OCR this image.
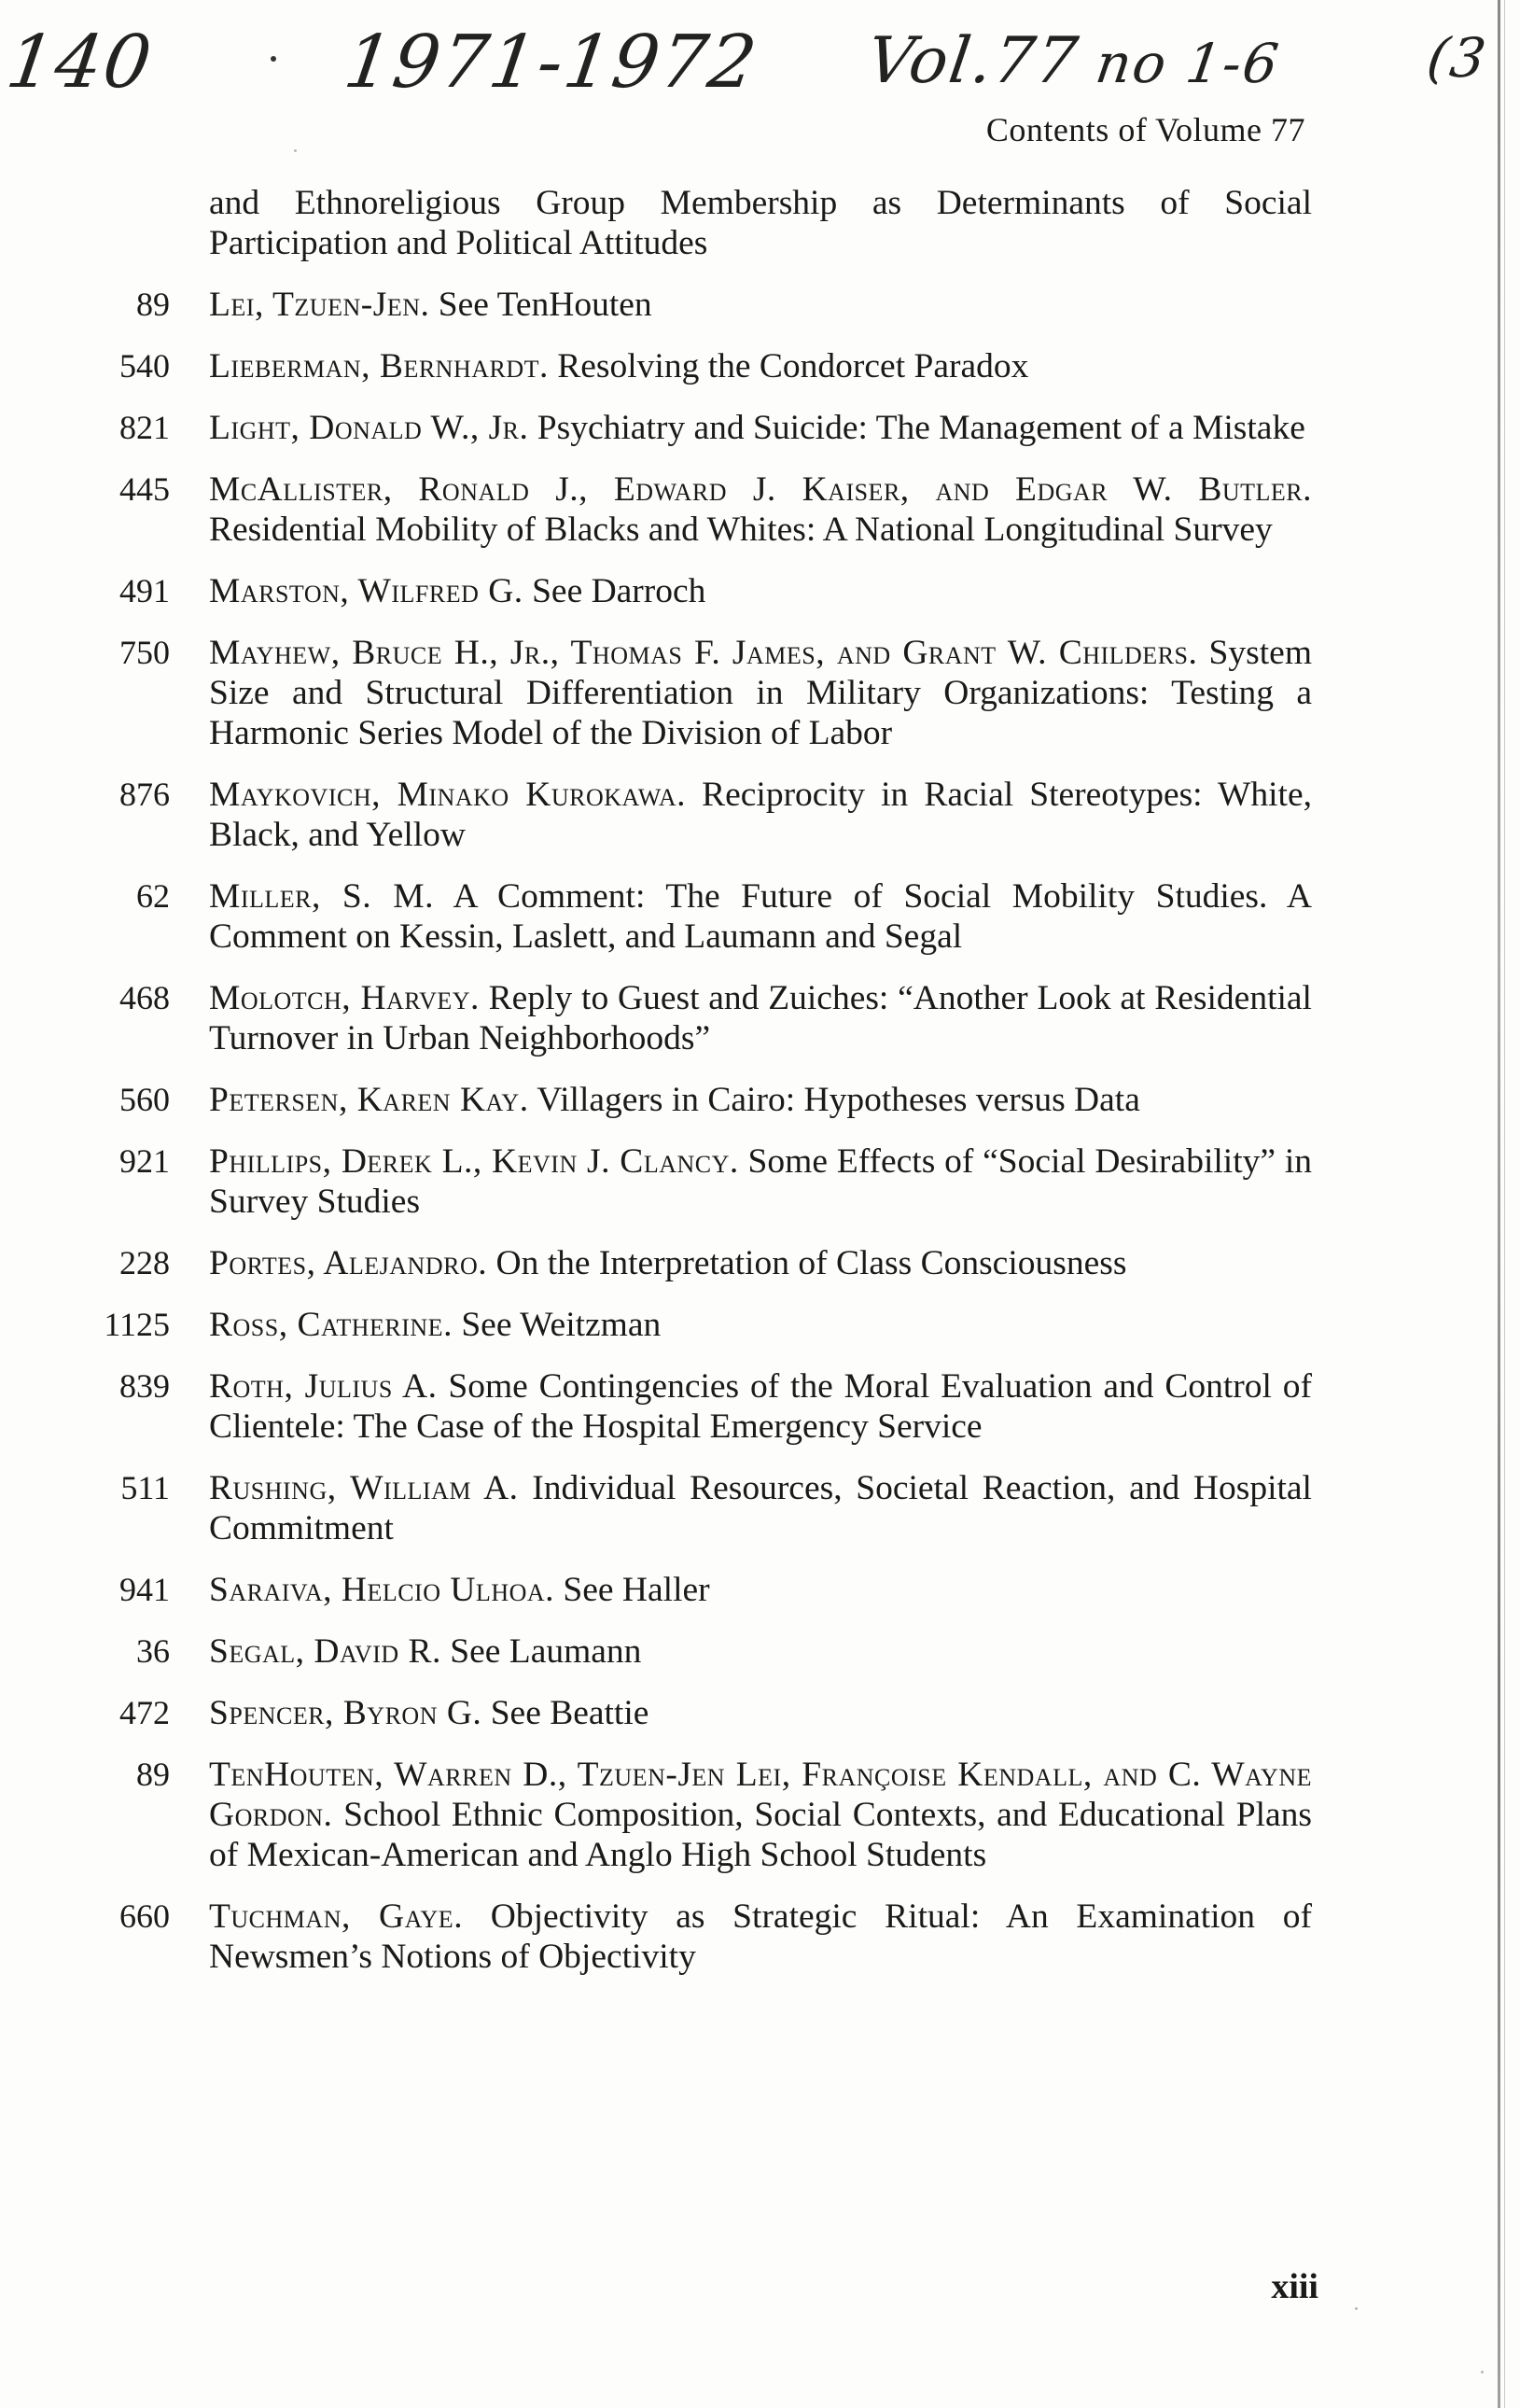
140 1971-1972 Vol.77 no 1-6	(3
Contents of Volume 77
and Ethnoreligious Group Membership as Determinants of Social Participation and Political Attitudes
89 Lei, Tzuen-Jen. See TenHouten
540 Lieberman, Bernhardt. Resolving the Condorcet Paradox
821 Light, Donald W., Jr. Psychiatry and Suicide: The Management of a Mistake
445 McAllister, Ronald J., Edward J. Kaiser, and Edgar W. Butler. Residential Mobility of Blacks and Whites: A National Longitudinal Survey
491 Marston, Wilfred G. See Darroch
750 Mayhew, Bruce H., Jr., Thomas F. James, and Grant W. Childers. System Size and Structural Differentiation in Military Organizations: Testing a Harmonic Series Model of the Division of Labor
876 Maykovich, Minako Kurokawa. Reciprocity in Racial Stereotypes: White, Black, and Yellow
62 Miller, S. M. A Comment: The Future of Social Mobility Studies. A Comment on Kessin, Laslett, and Laumann and Segal
468 Molotch, Harvey. Reply to Guest and Zuiches: “Another Look at Residential Turnover in Urban Neighborhoods”
560 Petersen, Karen Kay. Villagers in Cairo: Hypotheses versus Data
921 Phillips, Derek L., Kevin J. Clancy. Some Effects of “Social Desirability” in Survey Studies
228 Portes, Alejandro. On the Interpretation of Class Consciousness
1125 Ross, Catherine. See Weitzman
839 Roth, Julius A. Some Contingencies of the Moral Evaluation and Control of Clientele: The Case of the Hospital Emergency Service
511 Rushing, William A. Individual Resources, Societal Reaction, and Hospital Commitment
941 Saraiva, Helcio Ulhoa. See Haller
36 Segal, David R. See Laumann
472 Spencer, Byron G. See Beattie
89 TenHouten, Warren D., Tzuen-Jen Lei, Françoise Kendall, and C. Wayne Gordon. School Ethnic Composition, Social Contexts, and Educational Plans of Mexican-American and Anglo High School Students
660 Tuchman, Gaye. Objectivity as Strategic Ritual: An Examination of Newsmen’s Notions of Objectivity
xiii
